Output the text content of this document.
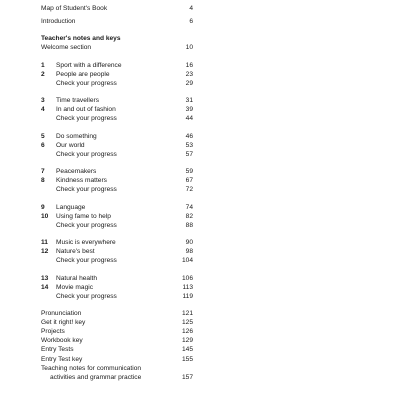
Map of Student's Book	4
Introduction	6
Teacher's notes and keys
Welcome section	10
1	Sport with a difference	16
2	People are people	23
Check your progress	29
3	Time travellers	31
4	In and out of fashion	39
Check your progress	44
5	Do something	46
6	Our world	53
Check your progress	57
7	Peacemakers	59
8	Kindness matters	67
Check your progress	72
9	Language	74
10	Using fame to help	82
Check your progress	88
11	Music is everywhere	90
12	Nature's best	98
Check your progress	104
13	Natural health	106
14	Movie magic	113
Check your progress	119
Pronunciation	121
Get it right! key	125
Projects	126
Workbook key	129
Entry Tests	145
Entry Test key	155
Teaching notes for communication
activities and grammar practice	157
